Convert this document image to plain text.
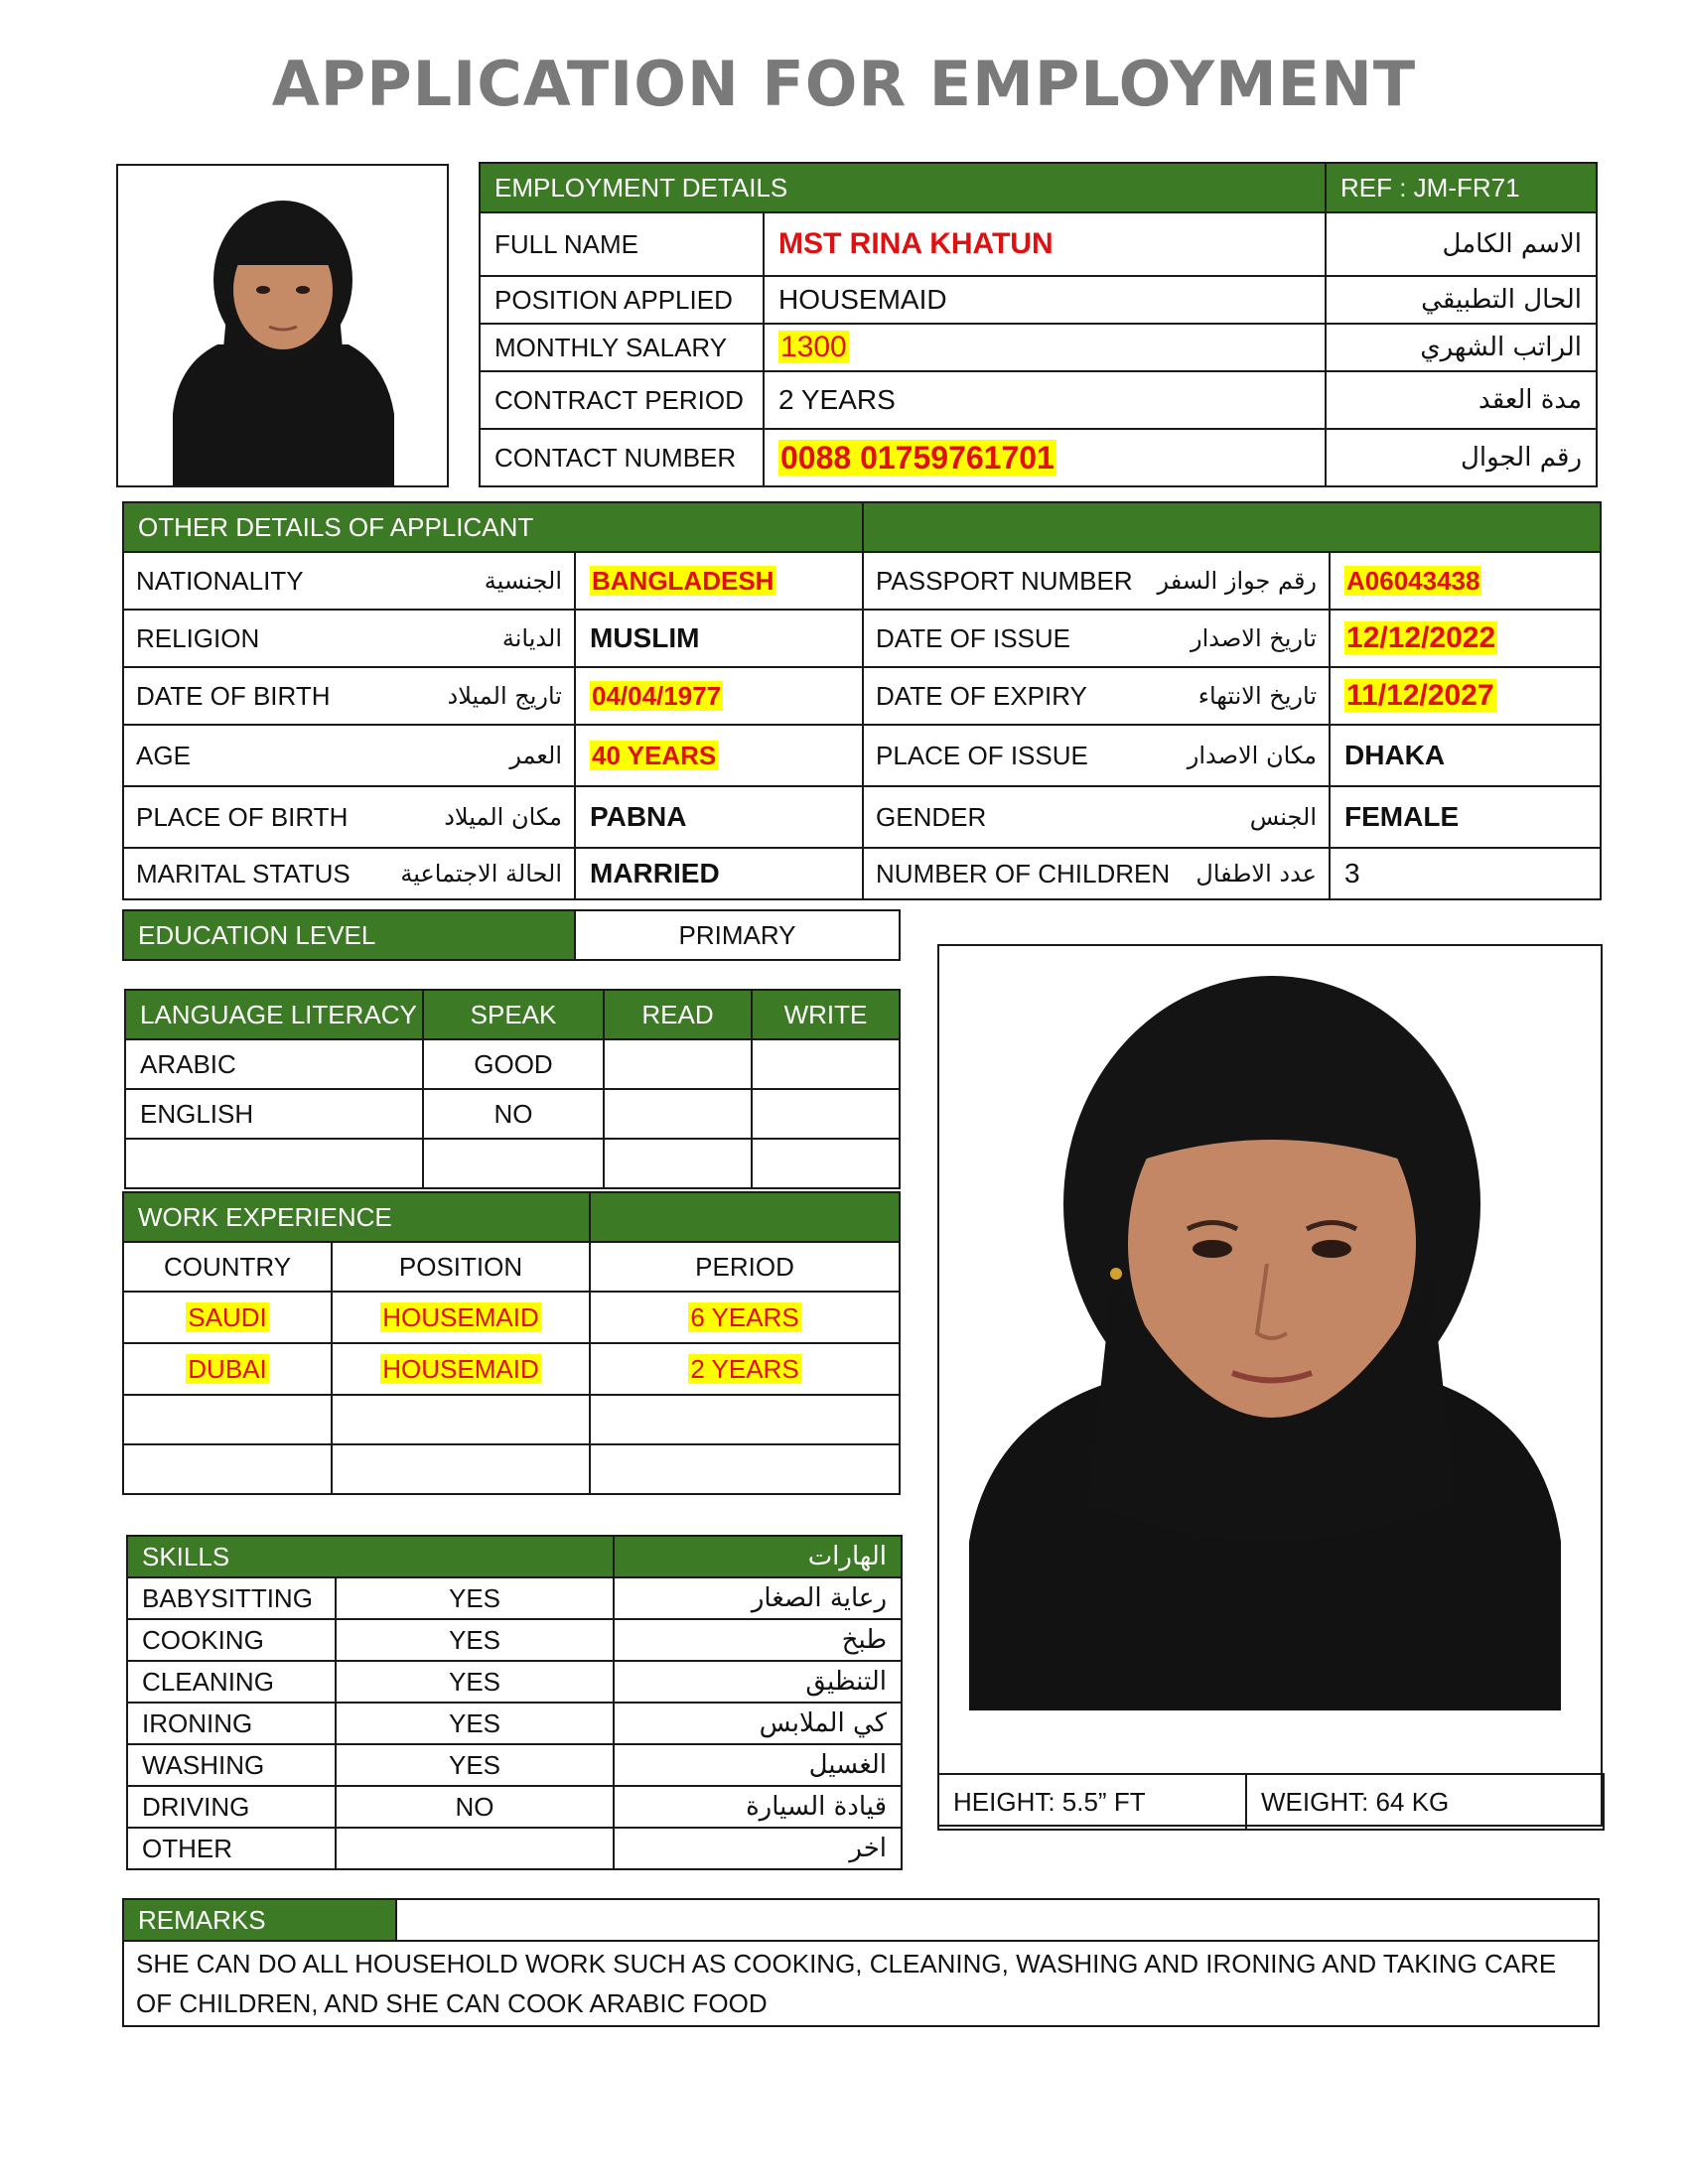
APPLICATION FOR EMPLOYMENT
EMPLOYMENT DETAILS		REF : JM-FR71
FULL NAME	MST RINA KHATUN	الاسم الكامل
POSITION APPLIED	HOUSEMAID	الحال التطبيقي
MONTHLY SALARY	1300	الراتب الشهري
CONTRACT PERIOD	2 YEARS	مدة العقد
CONTACT NUMBER	0088 01759761701	رقم الجوال
OTHER DETAILS OF APPLICANT			

NATIONALITY الجنسية	BANGLADESH	PASSPORT NUMBER رقم جواز السفر	A06043438

RELIGION الديانة	MUSLIM	DATE OF ISSUE تاريخ الاصدار	12/12/2022

DATE OF BIRTH تاريج الميلاد	04/04/1977	DATE OF EXPIRY تاريخ الانتهاء	11/12/2027

AGE العمر	40 YEARS	PLACE OF ISSUE مكان الاصدار	DHAKA

PLACE OF BIRTH مكان الميلاد	PABNA	GENDER الجنس	FEMALE

MARITAL STATUS الحالة الاجتماعية	MARRIED	NUMBER OF CHILDREN عدد الاطفال	3
EDUCATION LEVEL	PRIMARY
LANGUAGE LITERACY	SPEAK	READ	WRITE
ARABIC	GOOD		
ENGLISH	NO		

WORK EXPERIENCE		
COUNTRY	POSITION	PERIOD
SAUDI	HOUSEMAID	6 YEARS
DUBAI	HOUSEMAID	2 YEARS

SKILLS		الهارات
BABYSITTING	YES	رعاية الصغار
COOKING	YES	طبخ
CLEANING	YES	التنظيق
IRONING	YES	كي الملابس
WASHING	YES	الغسيل
DRIVING	NO	قيادة السيارة
OTHER		اخر
HEIGHT: 5.5” FT	WEIGHT: 64 KG
REMARKS	
SHE CAN DO ALL HOUSEHOLD WORK SUCH AS COOKING, CLEANING, WASHING AND IRONING AND TAKING CARE OF CHILDREN, AND SHE CAN COOK ARABIC FOOD
